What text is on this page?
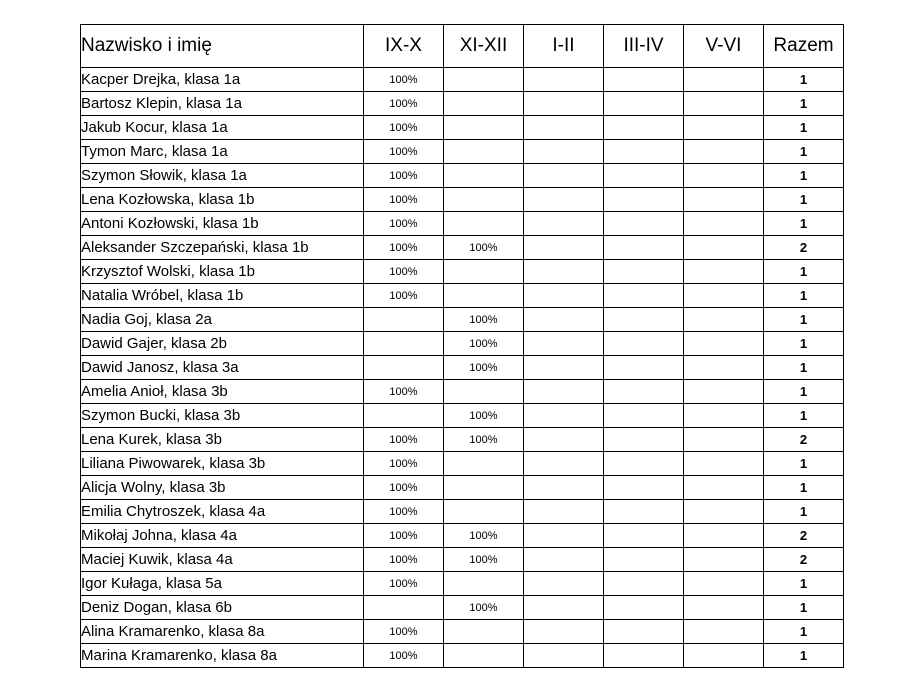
Nazwisko i imię	IX-X	XI-XII	I-II	III-IV	V-VI	Razem
Kacper Drejka, klasa 1a	100%					1
Bartosz Klepin, klasa 1a	100%					1
Jakub Kocur, klasa 1a	100%					1
Tymon Marc, klasa 1a	100%					1
Szymon Słowik, klasa 1a	100%					1
Lena Kozłowska, klasa 1b	100%					1
Antoni Kozłowski, klasa 1b	100%					1
Aleksander Szczepański, klasa 1b	100%	100%				2
Krzysztof Wolski, klasa 1b	100%					1
Natalia Wróbel, klasa 1b	100%					1
Nadia Goj, klasa 2a		100%				1
Dawid Gajer, klasa 2b		100%				1
Dawid Janosz, klasa 3a		100%				1
Amelia Anioł, klasa 3b	100%					1
Szymon Bucki, klasa 3b		100%				1
Lena Kurek, klasa 3b	100%	100%				2
Liliana Piwowarek, klasa 3b	100%					1
Alicja Wolny, klasa 3b	100%					1
Emilia Chytroszek, klasa 4a	100%					1
Mikołaj Johna, klasa 4a	100%	100%				2
Maciej Kuwik, klasa 4a	100%	100%				2
Igor Kułaga, klasa 5a	100%					1
Deniz Dogan, klasa 6b		100%				1
Alina Kramarenko, klasa 8a	100%					1
Marina Kramarenko, klasa 8a	100%					1
